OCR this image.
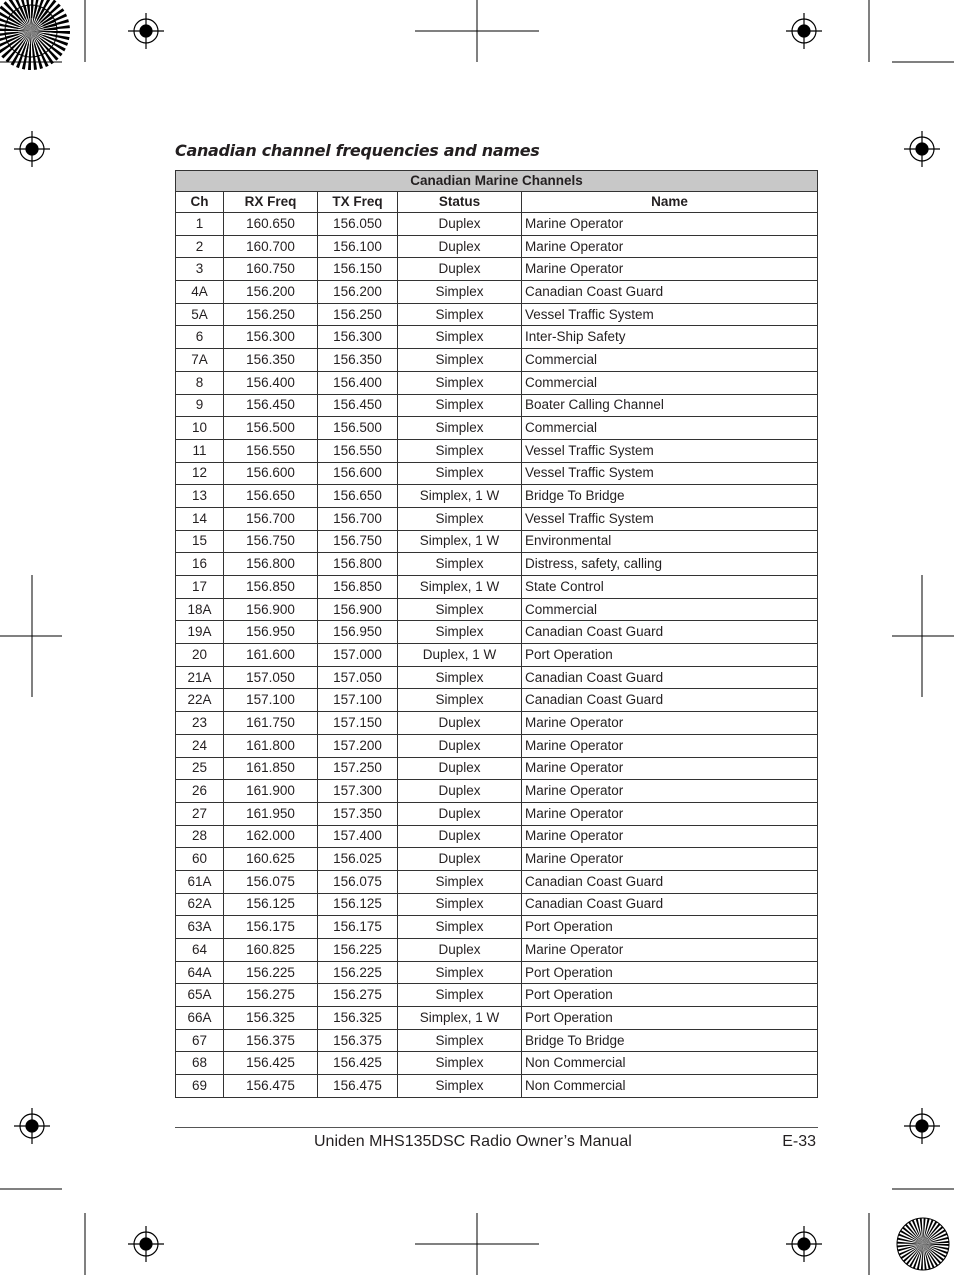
Canadian channel frequencies and names
Canadian Marine Channels				
Ch	RX Freq	TX Freq	Status	Name
1	160.650	156.050	Duplex	Marine Operator
2	160.700	156.100	Duplex	Marine Operator
3	160.750	156.150	Duplex	Marine Operator
4A	156.200	156.200	Simplex	Canadian Coast Guard
5A	156.250	156.250	Simplex	Vessel Traffic System
6	156.300	156.300	Simplex	Inter-Ship Safety
7A	156.350	156.350	Simplex	Commercial
8	156.400	156.400	Simplex	Commercial
9	156.450	156.450	Simplex	Boater Calling Channel
10	156.500	156.500	Simplex	Commercial
11	156.550	156.550	Simplex	Vessel Traffic System
12	156.600	156.600	Simplex	Vessel Traffic System
13	156.650	156.650	Simplex, 1 W	Bridge To Bridge
14	156.700	156.700	Simplex	Vessel Traffic System
15	156.750	156.750	Simplex, 1 W	Environmental
16	156.800	156.800	Simplex	Distress, safety, calling
17	156.850	156.850	Simplex, 1 W	State Control
18A	156.900	156.900	Simplex	Commercial
19A	156.950	156.950	Simplex	Canadian Coast Guard
20	161.600	157.000	Duplex, 1 W	Port Operation
21A	157.050	157.050	Simplex	Canadian Coast Guard
22A	157.100	157.100	Simplex	Canadian Coast Guard
23	161.750	157.150	Duplex	Marine Operator
24	161.800	157.200	Duplex	Marine Operator
25	161.850	157.250	Duplex	Marine Operator
26	161.900	157.300	Duplex	Marine Operator
27	161.950	157.350	Duplex	Marine Operator
28	162.000	157.400	Duplex	Marine Operator
60	160.625	156.025	Duplex	Marine Operator
61A	156.075	156.075	Simplex	Canadian Coast Guard
62A	156.125	156.125	Simplex	Canadian Coast Guard
63A	156.175	156.175	Simplex	Port Operation
64	160.825	156.225	Duplex	Marine Operator
64A	156.225	156.225	Simplex	Port Operation
65A	156.275	156.275	Simplex	Port Operation
66A	156.325	156.325	Simplex, 1 W	Port Operation
67	156.375	156.375	Simplex	Bridge To Bridge
68	156.425	156.425	Simplex	Non Commercial
69	156.475	156.475	Simplex	Non Commercial
Uniden MHS135DSC Radio Owner’s Manual	E-33
